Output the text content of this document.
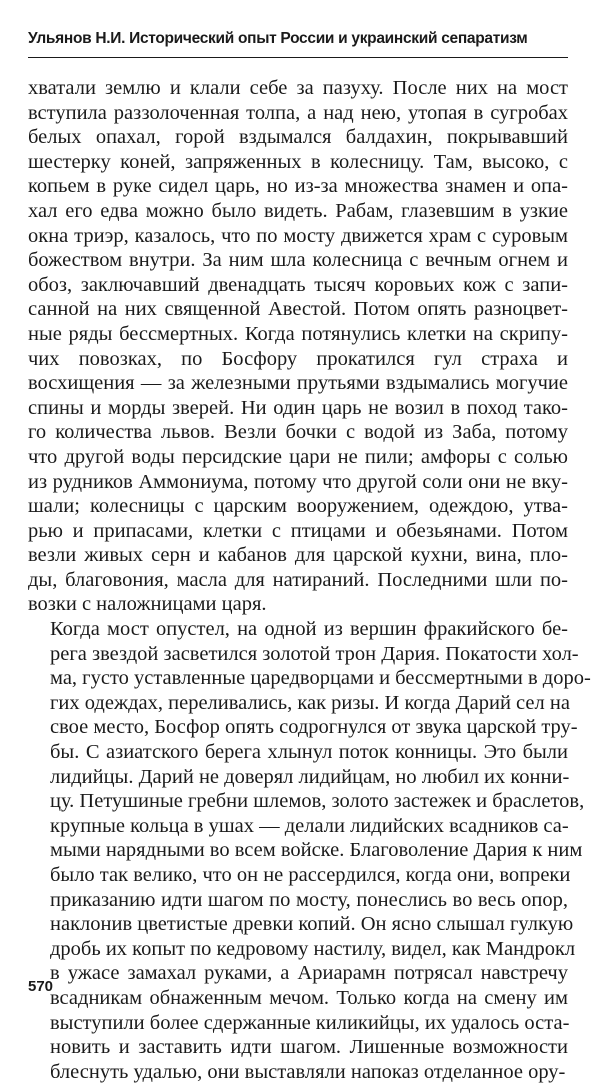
Ульянов Н.И. Исторический опыт России и украинский сепаратизм

хватали землю и клали себе за пазуху. После них на мост
вступила раззолоченная толпа, а над нею, утопая в сугробах
белых опахал, горой вздымался балдахин, покрывавший
шестерку коней, запряженных в колесницу. Там, высоко, с
копьем в руке сидел царь, но из-за множества знамен и опа-
хал его едва можно было видеть. Рабам, глазевшим в узкие
окна триэр, казалось, что по мосту движется храм с суровым
божеством внутри. За ним шла колесница с вечным огнем и
обоз, заключавший двенадцать тысяч коровьих кож с запи-
санной на них священной Авестой. Потом опять разноцвет-
ные ряды бессмертных. Когда потянулись клетки на скрипу-
чих повозках, по Босфору прокатился гул страха и
восхищения — за железными прутьями вздымались могучие
спины и морды зверей. Ни один царь не возил в поход тако-
го количества львов. Везли бочки с водой из Заба, потому
что другой воды персидские цари не пили; амфоры с солью
из рудников Аммониума, потому что другой соли они не вку-
шали; колесницы с царским вооружением, одеждою, утва-
рью и припасами, клетки с птицами и обезьянами. Потом
везли живых серн и кабанов для царской кухни, вина, пло-
ды, благовония, масла для натираний. Последними шли по-
возки с наложницами царя.

Когда мост опустел, на одной из вершин фракийского бе-
рега звездой засветился золотой трон Дария. Покатости хол-
ма, густо уставленные царедворцами и бессмертными в доро-
гих одеждах, переливались, как ризы. И когда Дарий сел на
свое место, Босфор опять содрогнулся от звука царской тру-
бы. С азиатского берега хлынул поток конницы. Это были
лидийцы. Дарий не доверял лидийцам, но любил их конни-
цу. Петушиные гребни шлемов, золото застежек и браслетов,
крупные кольца в ушах — делали лидийских всадников са-
мыми нарядными во всем войске. Благоволение Дария к ним
было так велико, что он не рассердился, когда они, вопреки
приказанию идти шагом по мосту, понеслись во весь опор,
наклонив цветистые древки копий. Он ясно слышал гулкую
дробь их копыт по кедровому настилу, видел, как Мандрокл
в ужасе замахал руками, а Ариарамн потрясал навстречу
всадникам обнаженным мечом. Только когда на смену им
выступили более сдержанные киликийцы, их удалось оста-
новить и заставить идти шагом. Лишенные возможности
блеснуть удалью, они выставляли напоказ отделанное ору-

570
